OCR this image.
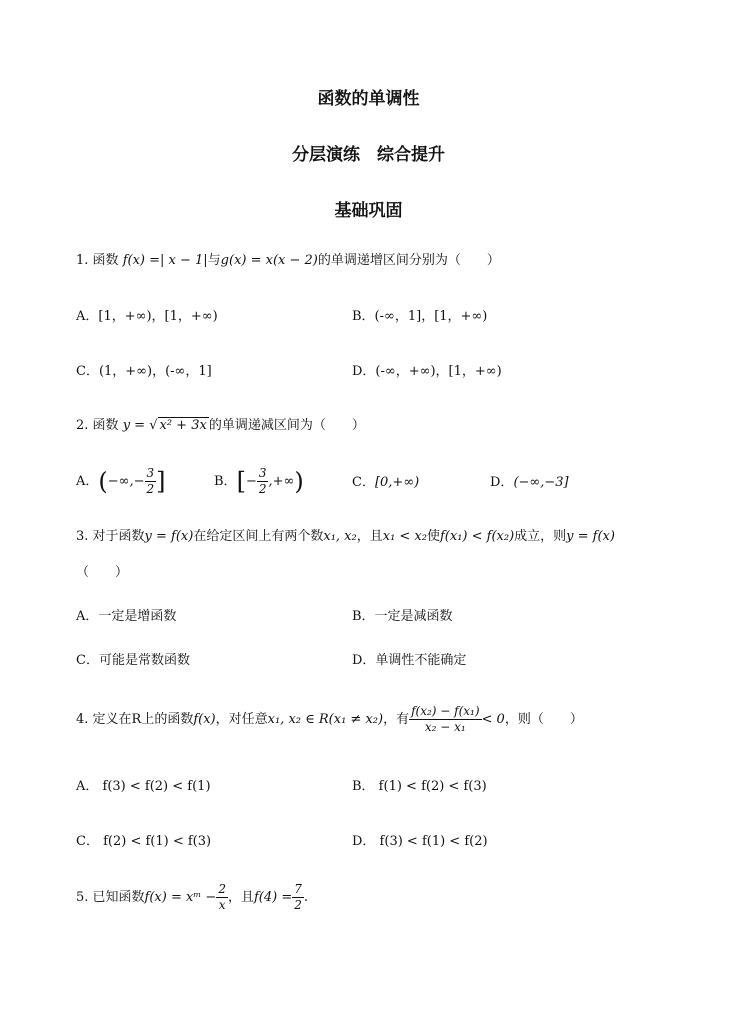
函数的单调性
分层演练　综合提升
基础巩固
1. 函数 f(x) =| x − 1|与g(x) = x(x − 2)的单调递增区间分别为（　　）
A．[1，+∞)，[1，+∞)	B．(-∞，1]，[1，+∞)
C．(1，+∞)，(-∞，1]	D．(-∞，+∞)，[1，+∞)
2. 函数 y = √ x² + 3x 的单调递减区间为（　　）
A．(−∞,− $\frac{3}{2}$ ]	B．[− $\frac{3}{2}$ ,+∞)	C．[0,+∞)	D．(−∞,−3]
3. 对于函数y = f(x)在给定区间上有两个数x₁, x₂，且x₁ < x₂使f(x₁) < f(x₂)成立，则y = f(x)
（　　）
A．一定是增函数	B．一定是减函数
C．可能是常数函数	D．单调性不能确定
4. 定义在R上的函数f(x)，对任意x₁, x₂ ∈ R(x₁ ≠ x₂)，有 $\frac{\text{f(x₂) − f(x₁)}}{\text{x₂ − x₁}} < 0$，则（　　）
A． f(3) < f(2) < f(1)	B． f(1) < f(2) < f(3)
C． f(2) < f(1) < f(3)	D． f(3) < f(1) < f(2)
5. 已知函数f(x) = xᵐ − $\frac{2}{x}$ ，且$f(4) = \frac{7}{2}$ .
